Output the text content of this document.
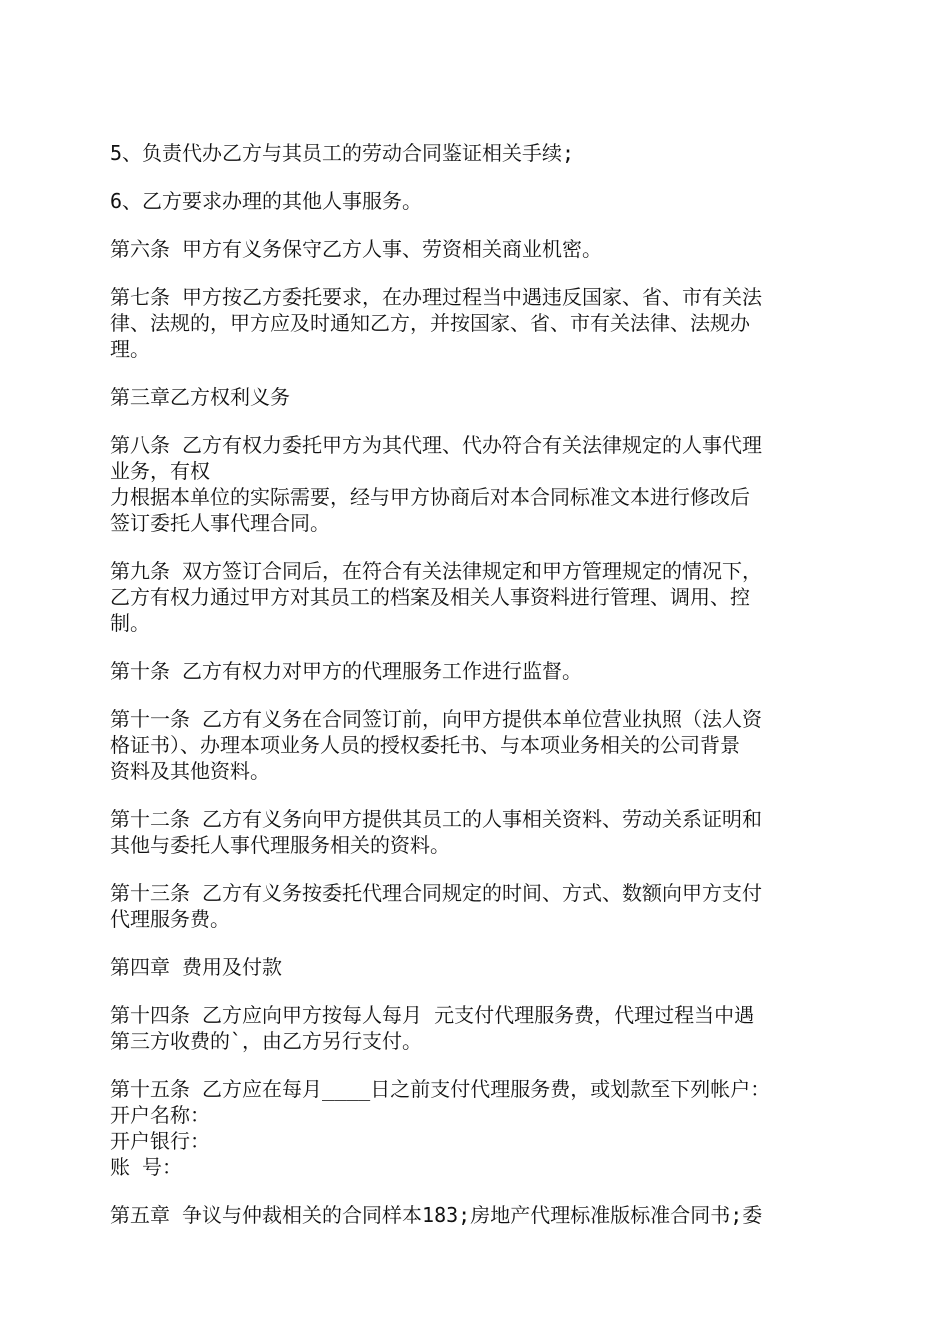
5、负责代办乙方与其员工的劳动合同鉴证相关手续;
6、乙方要求办理的其他人事服务。
第六条 甲方有义务保守乙方人事、劳资相关商业机密。
第七条 甲方按乙方委托要求，在办理过程当中遇违反国家、省、市有关法
律、法规的，甲方应及时通知乙方，并按国家、省、市有关法律、法规办
理。
第三章乙方权利义务
第八条 乙方有权力委托甲方为其代理、代办符合有关法律规定的人事代理
业务，有权
力根据本单位的实际需要，经与甲方协商后对本合同标准文本进行修改后
签订委托人事代理合同。
第九条 双方签订合同后，在符合有关法律规定和甲方管理规定的情况下，
乙方有权力通过甲方对其员工的档案及相关人事资料进行管理、调用、控
制。
第十条 乙方有权力对甲方的代理服务工作进行监督。
第十一条 乙方有义务在合同签订前，向甲方提供本单位营业执照（法人资
格证书）、办理本项业务人员的授权委托书、与本项业务相关的公司背景
资料及其他资料。
第十二条 乙方有义务向甲方提供其员工的人事相关资料、劳动关系证明和
其他与委托人事代理服务相关的资料。
第十三条 乙方有义务按委托代理合同规定的时间、方式、数额向甲方支付
代理服务费。
第四章 费用及付款
第十四条 乙方应向甲方按每人每月 元支付代理服务费，代理过程当中遇
第三方收费的`，由乙方另行支付。
第十五条 乙方应在每月____日之前支付代理服务费，或划款至下列帐户：
开户名称：
开户银行：
账 号：
第五章 争议与仲裁相关的合同样本183;房地产代理标准版标准合同书;委
